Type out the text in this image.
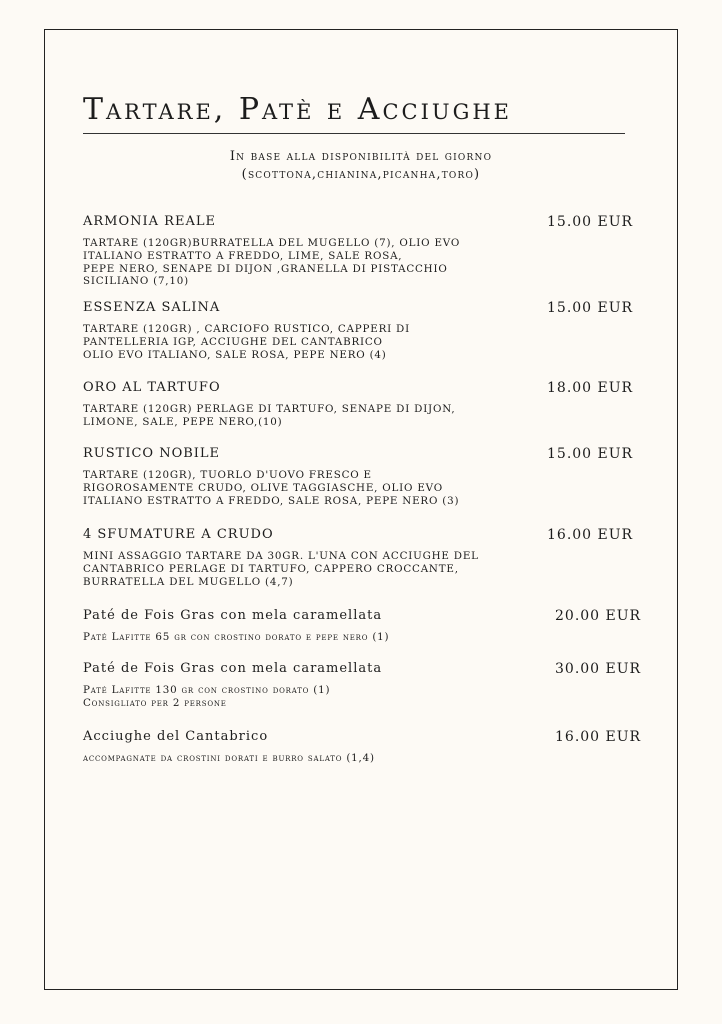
Tartare, Patè e Acciughe
In base alla disponibilità del giorno
(scottona,chianina,picanha,toro)
ARMONIA REALE	15.00 EUR
TARTARE (120GR)BURRATELLA DEL MUGELLO (7), OLIO EVO
ITALIANO ESTRATTO A FREDDO, LIME, SALE ROSA,
PEPE NERO, SENAPE DI DIJON ,GRANELLA DI PISTACCHIO
SICILIANO (7,10)
ESSENZA SALINA	15.00 EUR
TARTARE (120GR) , CARCIOFO RUSTICO, CAPPERI DI
PANTELLERIA IGP, ACCIUGHE DEL CANTABRICO
OLIO EVO ITALIANO, SALE ROSA, PEPE NERO (4)
ORO AL TARTUFO	18.00 EUR
TARTARE (120GR) PERLAGE DI TARTUFO, SENAPE DI DIJON,
LIMONE, SALE, PEPE NERO,(10)
RUSTICO NOBILE	15.00 EUR
TARTARE (120GR), TUORLO D'UOVO FRESCO E
RIGOROSAMENTE CRUDO, OLIVE TAGGIASCHE, OLIO EVO
ITALIANO ESTRATTO A FREDDO, SALE ROSA, PEPE NERO (3)
4 SFUMATURE A CRUDO	16.00 EUR
MINI ASSAGGIO TARTARE DA 30GR. L'UNA CON ACCIUGHE DEL
CANTABRICO PERLAGE DI TARTUFO, CAPPERO CROCCANTE,
BURRATELLA DEL MUGELLO (4,7)
Paté de Fois Gras con mela caramellata	20.00 EUR
Paté Lafitte 65 gr con crostino dorato e pepe nero (1)
Paté de Fois Gras con mela caramellata	30.00 EUR
Paté Lafitte 130 gr con crostino dorato (1)
Consigliato per 2 persone
Acciughe del Cantabrico	16.00 EUR
accompagnate da crostini dorati e burro salato (1,4)
